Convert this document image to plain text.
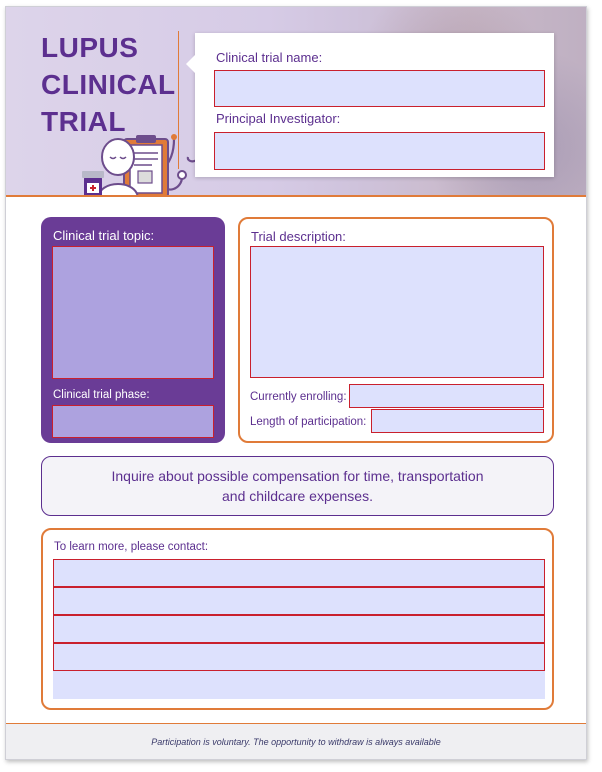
LUPUS
CLINICAL
TRIAL
Clinical trial name:
Principal Investigator:
Clinical trial topic:
Clinical trial phase:
Trial description:
Currently enrolling:
Length of participation:
Inquire about possible compensation for time, transportation
and childcare expenses.
To learn more, please contact:
Participation is voluntary. The opportunity to withdraw is always available
